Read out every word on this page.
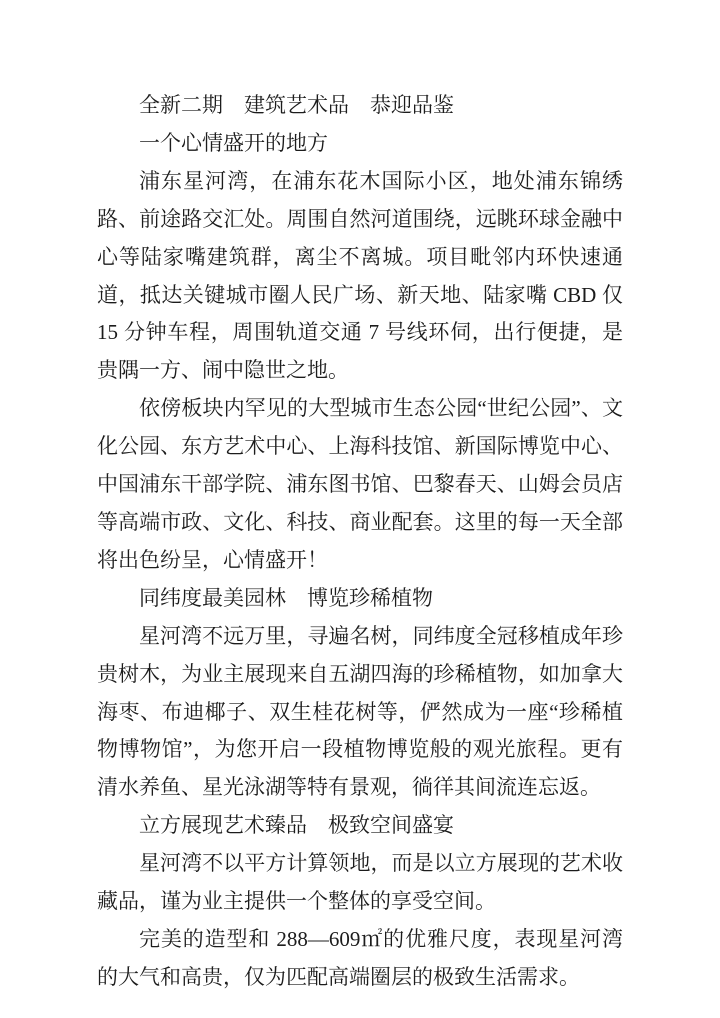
全新二期　建筑艺术品　恭迎品鉴

一个心情盛开的地方

浦东星河湾，在浦东花木国际小区，地处浦东锦绣路、前途路交汇处。周围自然河道围绕，远眺环球金融中心等陆家嘴建筑群，离尘不离城。项目毗邻内环快速通道，抵达关键城市圈人民广场、新天地、陆家嘴 CBD 仅 15 分钟车程，周围轨道交通 7 号线环伺，出行便捷，是贵隅一方、闹中隐世之地。

依傍板块内罕见的大型城市生态公园“世纪公园”、文化公园、东方艺术中心、上海科技馆、新国际博览中心、中国浦东干部学院、浦东图书馆、巴黎春天、山姆会员店等高端市政、文化、科技、商业配套。这里的每一天全部将出色纷呈，心情盛开！

同纬度最美园林　博览珍稀植物

星河湾不远万里，寻遍名树，同纬度全冠移植成年珍贵树木，为业主展现来自五湖四海的珍稀植物，如加拿大海枣、布迪椰子、双生桂花树等，俨然成为一座“珍稀植物博物馆”，为您开启一段植物博览般的观光旅程。更有清水养鱼、星光泳湖等特有景观，徜徉其间流连忘返。

立方展现艺术臻品　极致空间盛宴

星河湾不以平方计算领地，而是以立方展现的艺术收藏品，谨为业主提供一个整体的享受空间。

完美的造型和 288—609㎡的优雅尺度，表现星河湾的大气和高贵，仅为匹配高端圈层的极致生活需求。
